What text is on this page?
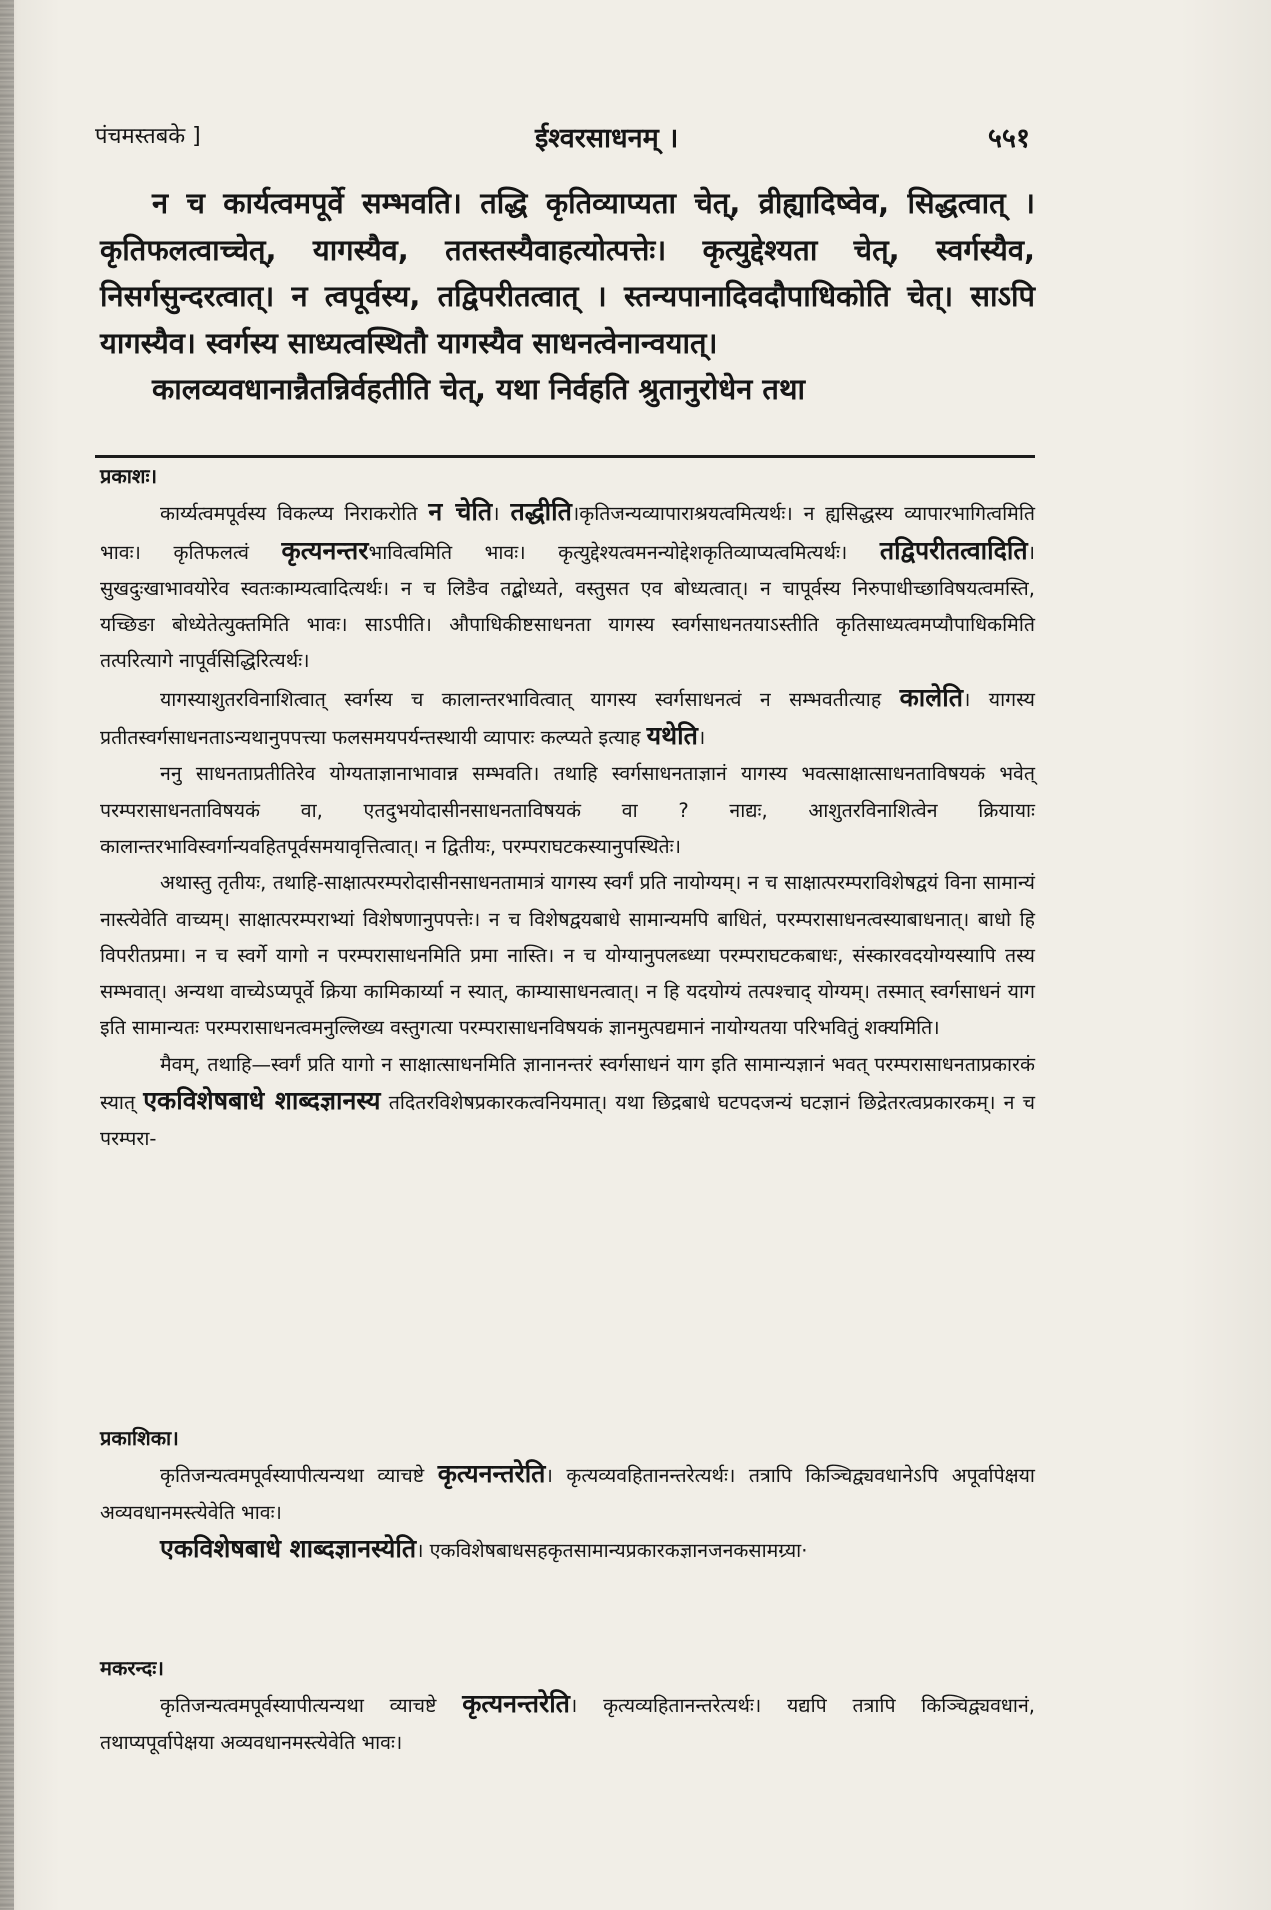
पंचमस्तबके ]	ईश्वरसाधनम् ।	५५१

न च कार्यत्वमपूर्वे सम्भवति। तद्धि कृतिव्याप्यता चेत्, व्रीह्यादिष्वेव, सिद्धत्वात् । कृतिफलत्वाच्चेत्, यागस्यैव, ततस्तस्यैवाहत्योत्पत्तेः। कृत्युद्देश्यता चेत्, स्वर्गस्यैव, निसर्गसुन्दरत्वात्। न त्वपूर्वस्य, तद्विपरीतत्वात् । स्तन्यपानादिवदौपाधिकोति चेत्। साऽपि यागस्यैव। स्वर्गस्य साध्यत्वस्थितौ यागस्यैव साधनत्वेनान्वयात्।

कालव्यवधानान्नैतन्निर्वहतीति चेत्, यथा निर्वहति श्रुतानुरोधेन तथा

प्रकाशः।

कार्य्यत्वमपूर्वस्य विकल्प्य निराकरोति न चेति। तद्धीति।कृतिजन्यव्यापाराश्रयत्वमित्यर्थः। न ह्यसिद्धस्य व्यापारभागित्वमिति भावः। कृतिफलत्वं कृत्यनन्तरभावित्वमिति भावः। कृत्युद्देश्यत्वमनन्योद्देशकृतिव्याप्यत्वमित्यर्थः। तद्विपरीतत्वादिति। सुखदुःखाभावयोरेव स्वतःकाम्यत्वादित्यर्थः। न च लिङैव तद्बोध्यते, वस्तुसत एव बोध्यत्वात्। न चापूर्वस्य निरुपाधीच्छाविषयत्वमस्ति, यच्छिङा बोध्येतेत्युक्तमिति भावः। साऽपीति। औपाधिकीष्टसाधनता यागस्य स्वर्गसाधनतयाऽस्तीति कृतिसाध्यत्वमप्यौपाधिकमिति तत्परित्यागे नापूर्वसिद्धिरित्यर्थः।

यागस्याशुतरविनाशित्वात् स्वर्गस्य च कालान्तरभावित्वात् यागस्य स्वर्गसाधनत्वं न सम्भवतीत्याह कालेति। यागस्य प्रतीतस्वर्गसाधनताऽन्यथानुपपत्त्या फलसमयपर्यन्तस्थायी व्यापारः कल्प्यते इत्याह यथेति।

ननु साधनताप्रतीतिरेव योग्यताज्ञानाभावान्न सम्भवति। तथाहि स्वर्गसाधनताज्ञानं यागस्य भवत्साक्षात्साधनताविषयकं भवेत् परम्परासाधनताविषयकं वा, एतदुभयोदासीनसाधनताविषयकं वा ? नाद्यः, आशुतरविनाशित्वेन क्रियायाः कालान्तरभाविस्वर्गान्यवहितपूर्वसमयावृत्तित्वात्। न द्वितीयः, परम्पराघटकस्यानुपस्थितेः।

अथास्तु तृतीयः, तथाहि-साक्षात्परम्परोदासीनसाधनतामात्रं यागस्य स्वर्गं प्रति नायोग्यम्। न च साक्षात्परम्पराविशेषद्वयं विना सामान्यं नास्त्येवेति वाच्यम्। साक्षात्परम्पराभ्यां विशेषणानुपपत्तेः। न च विशेषद्वयबाधे सामान्यमपि बाधितं, परम्परासाधनत्वस्याबाधनात्। बाधो हि विपरीतप्रमा। न च स्वर्गे यागो न परम्परासाधनमिति प्रमा नास्ति। न च योग्यानुपलब्ध्या परम्पराघटकबाधः, संस्कारवदयोग्यस्यापि तस्य सम्भवात्। अन्यथा वाच्येऽप्यपूर्वे क्रिया कामिकार्य्या न स्यात्, काम्यासाधनत्वात्। न हि यदयोग्यं तत्पश्चाद् योग्यम्। तस्मात् स्वर्गसाधनं याग इति सामान्यतः परम्परासाधनत्वमनुल्लिख्य वस्तुगत्या परम्परासाधनविषयकं ज्ञानमुत्पद्यमानं नायोग्यतया परिभवितुं शक्यमिति।

मैवम्, तथाहि—स्वर्गं प्रति यागो न साक्षात्साधनमिति ज्ञानानन्तरं स्वर्गसाधनं याग इति सामान्यज्ञानं भवत् परम्परासाधनताप्रकारकं स्यात् एकविशेषबाधे शाब्दज्ञानस्य तदितरविशेषप्रकारकत्वनियमात्। यथा छिद्रबाधे घटपदजन्यं घटज्ञानं छिद्रेतरत्वप्रकारकम्। न च परम्परा-

प्रकाशिका।

कृतिजन्यत्वमपूर्वस्यापीत्यन्यथा व्याचष्टे कृत्यनन्तरेति। कृत्यव्यवहितानन्तरेत्यर्थः। तत्रापि किञ्चिद्व्यवधानेऽपि अपूर्वापेक्षया अव्यवधानमस्त्येवेति भावः।

एकविशेषबाधे शाब्दज्ञानस्येति। एकविशेषबाधसहकृतसामान्यप्रकारकज्ञानजनकसामग्र्या·

मकरन्दः।

कृतिजन्यत्वमपूर्वस्यापीत्यन्यथा व्याचष्टे कृत्यनन्तरेति। कृत्यव्यहितानन्तरेत्यर्थः। यद्यपि तत्रापि किञ्चिद्व्यवधानं, तथाप्यपूर्वापेक्षया अव्यवधानमस्त्येवेति भावः।
